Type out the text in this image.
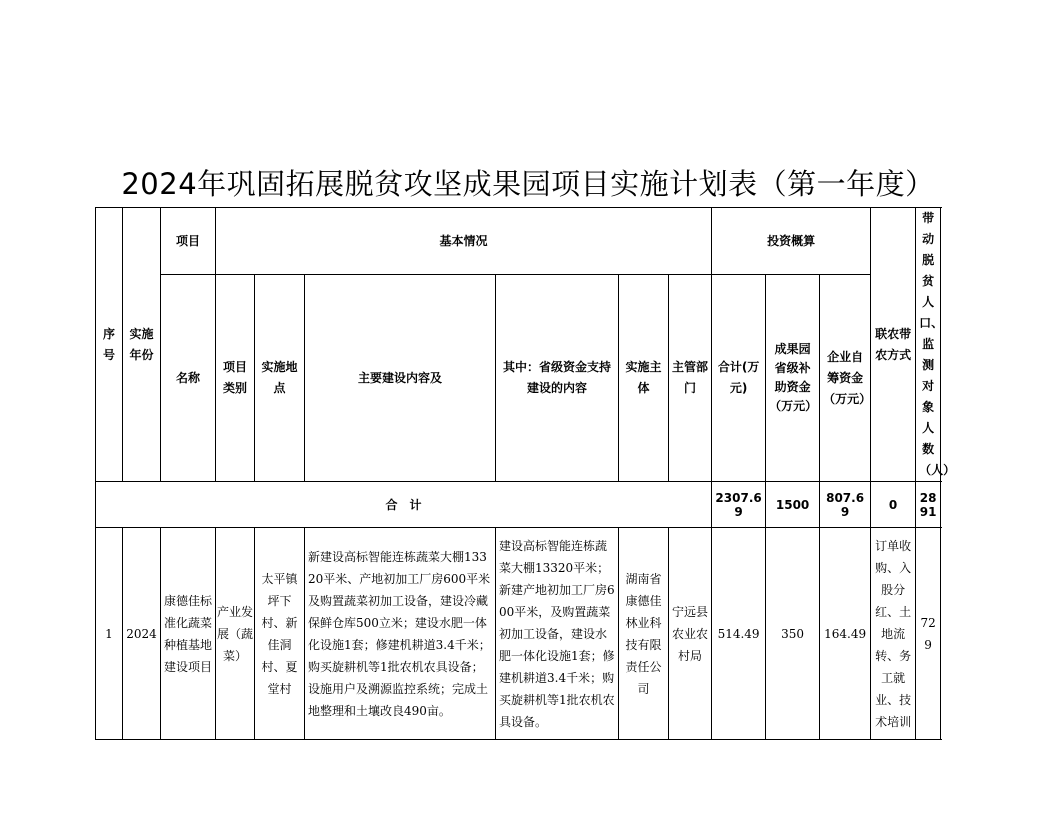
2024年巩固拓展脱贫攻坚成果园项目实施计划表（第一年度）
序号	实施年份	项目	基本情况						投资概算			联农带农方式	带动脱贫人口、监测对象人数（人）
		名称	项目类别	实施地点	主要建设内容及	其中：省级资金支持建设的内容	实施主体	主管部门	合计(万元)	成果园省级补助资金（万元）	企业自筹资金（万元）		
合　计									2307.69	1500	807.69	0	2891
1	2024	康德佳标准化蔬菜种植基地建设项目	产业发展（蔬菜）	太平镇坪下村、新佳洞村、夏堂村	新建设高标智能连栋蔬菜大棚13320平米、产地初加工厂房600平米及购置蔬菜初加工设备，建设冷藏保鲜仓库500立米；建设水肥一体化设施1套；修建机耕道3.4千米；购买旋耕机等1批农机农具设备；设施用户及溯源监控系统；完成土地整理和土壤改良490亩。	建设高标智能连栋蔬菜大棚13320平米；新建产地初加工厂房600平米，及购置蔬菜初加工设备，建设水肥一体化设施1套；修建机耕道3.4千米；购买旋耕机等1批农机农具设备。	湖南省康德佳林业科技有限责任公司	宁远县农业农村局	514.49	350	164.49	订单收购、入股分红、土地流转、务工就业、技术培训	729
